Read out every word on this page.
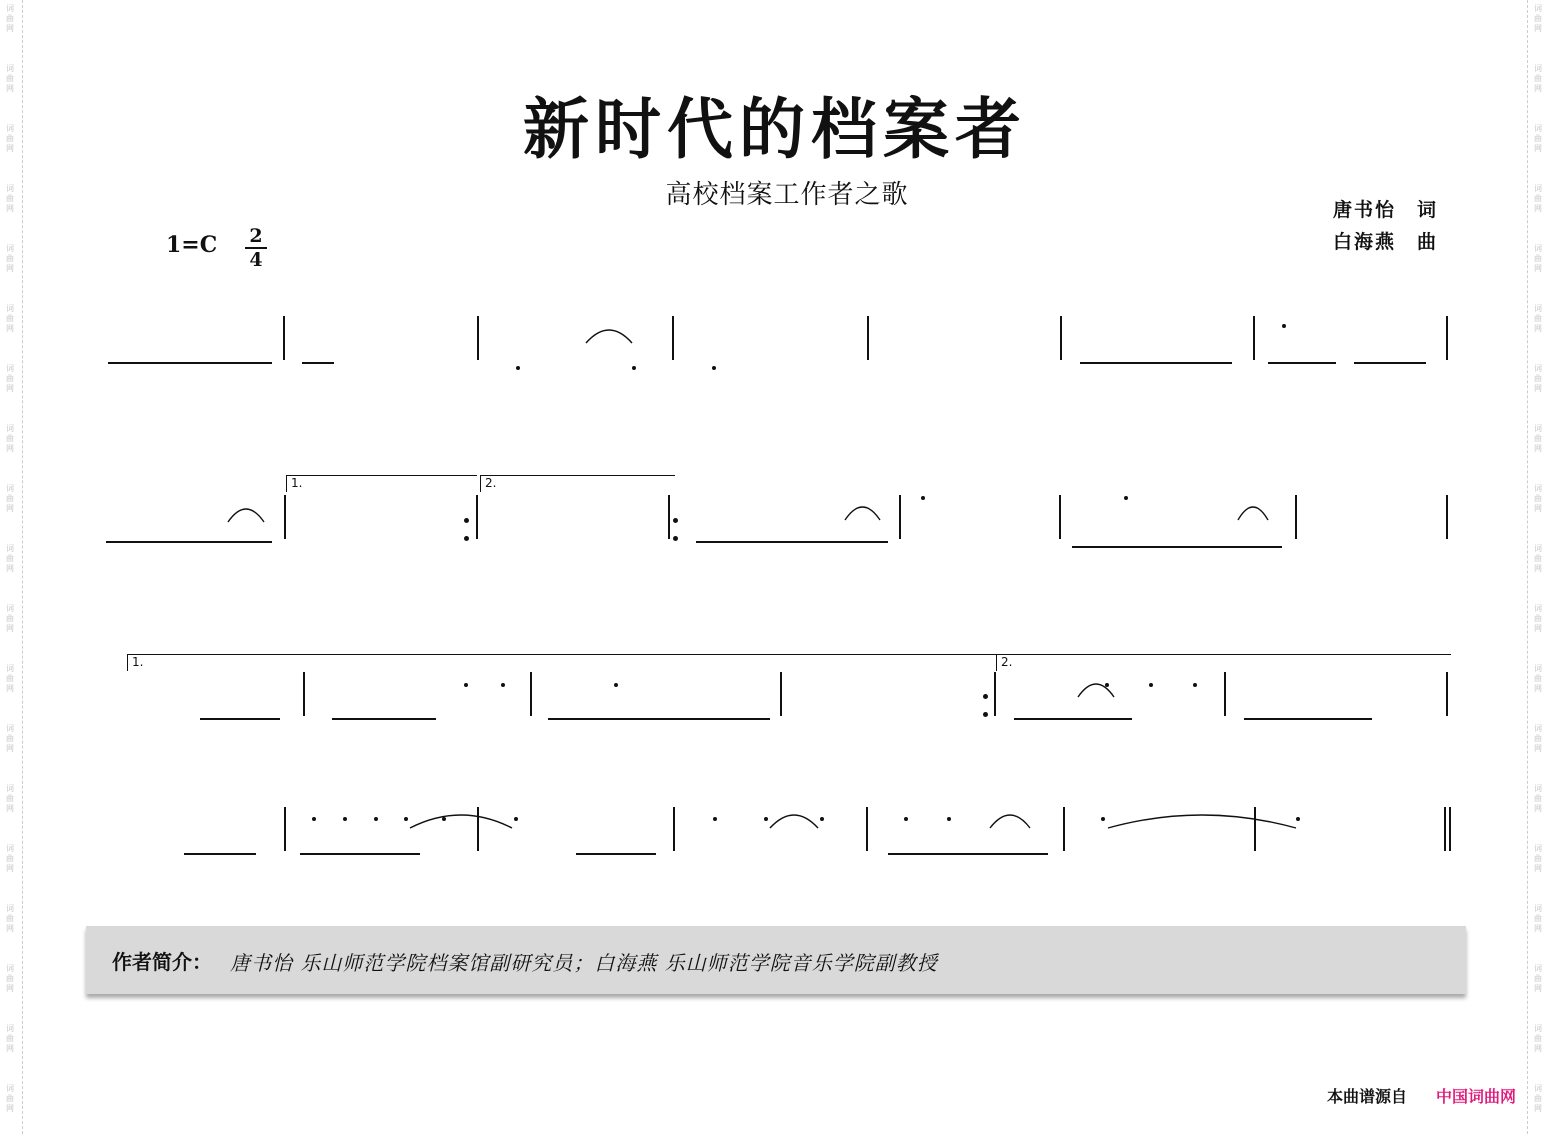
词
曲
网
词
曲
网
词
曲
网
词
曲
网
词
曲
网
词
曲
网
词
曲
网
词
曲
网
词
曲
网
词
曲
网
词
曲
网
词
曲
网
词
曲
网
词
曲
网
词
曲
网
词
曲
网
词
曲
网
词
曲
网
词
曲
网
词
曲
网
词
曲
网
词
曲
网
词
曲
网
词
曲
网
词
曲
网
词
曲
网
词
曲
网
词
曲
网
词
曲
网
词
曲
网
词
曲
网
词
曲
网
词
曲
网
词
曲
网
词
曲
网
词
曲
网
词
曲
网
词
曲
网
新时代的档案者
高校档案工作者之歌	唐书怡　词
白海燕　曲
1=C 2
4
1.	2.
1.	2.
作者简介： 唐书怡 乐山师范学院档案馆副研究员；白海燕 乐山师范学院音乐学院副教授
本曲谱源自 中国词曲网
